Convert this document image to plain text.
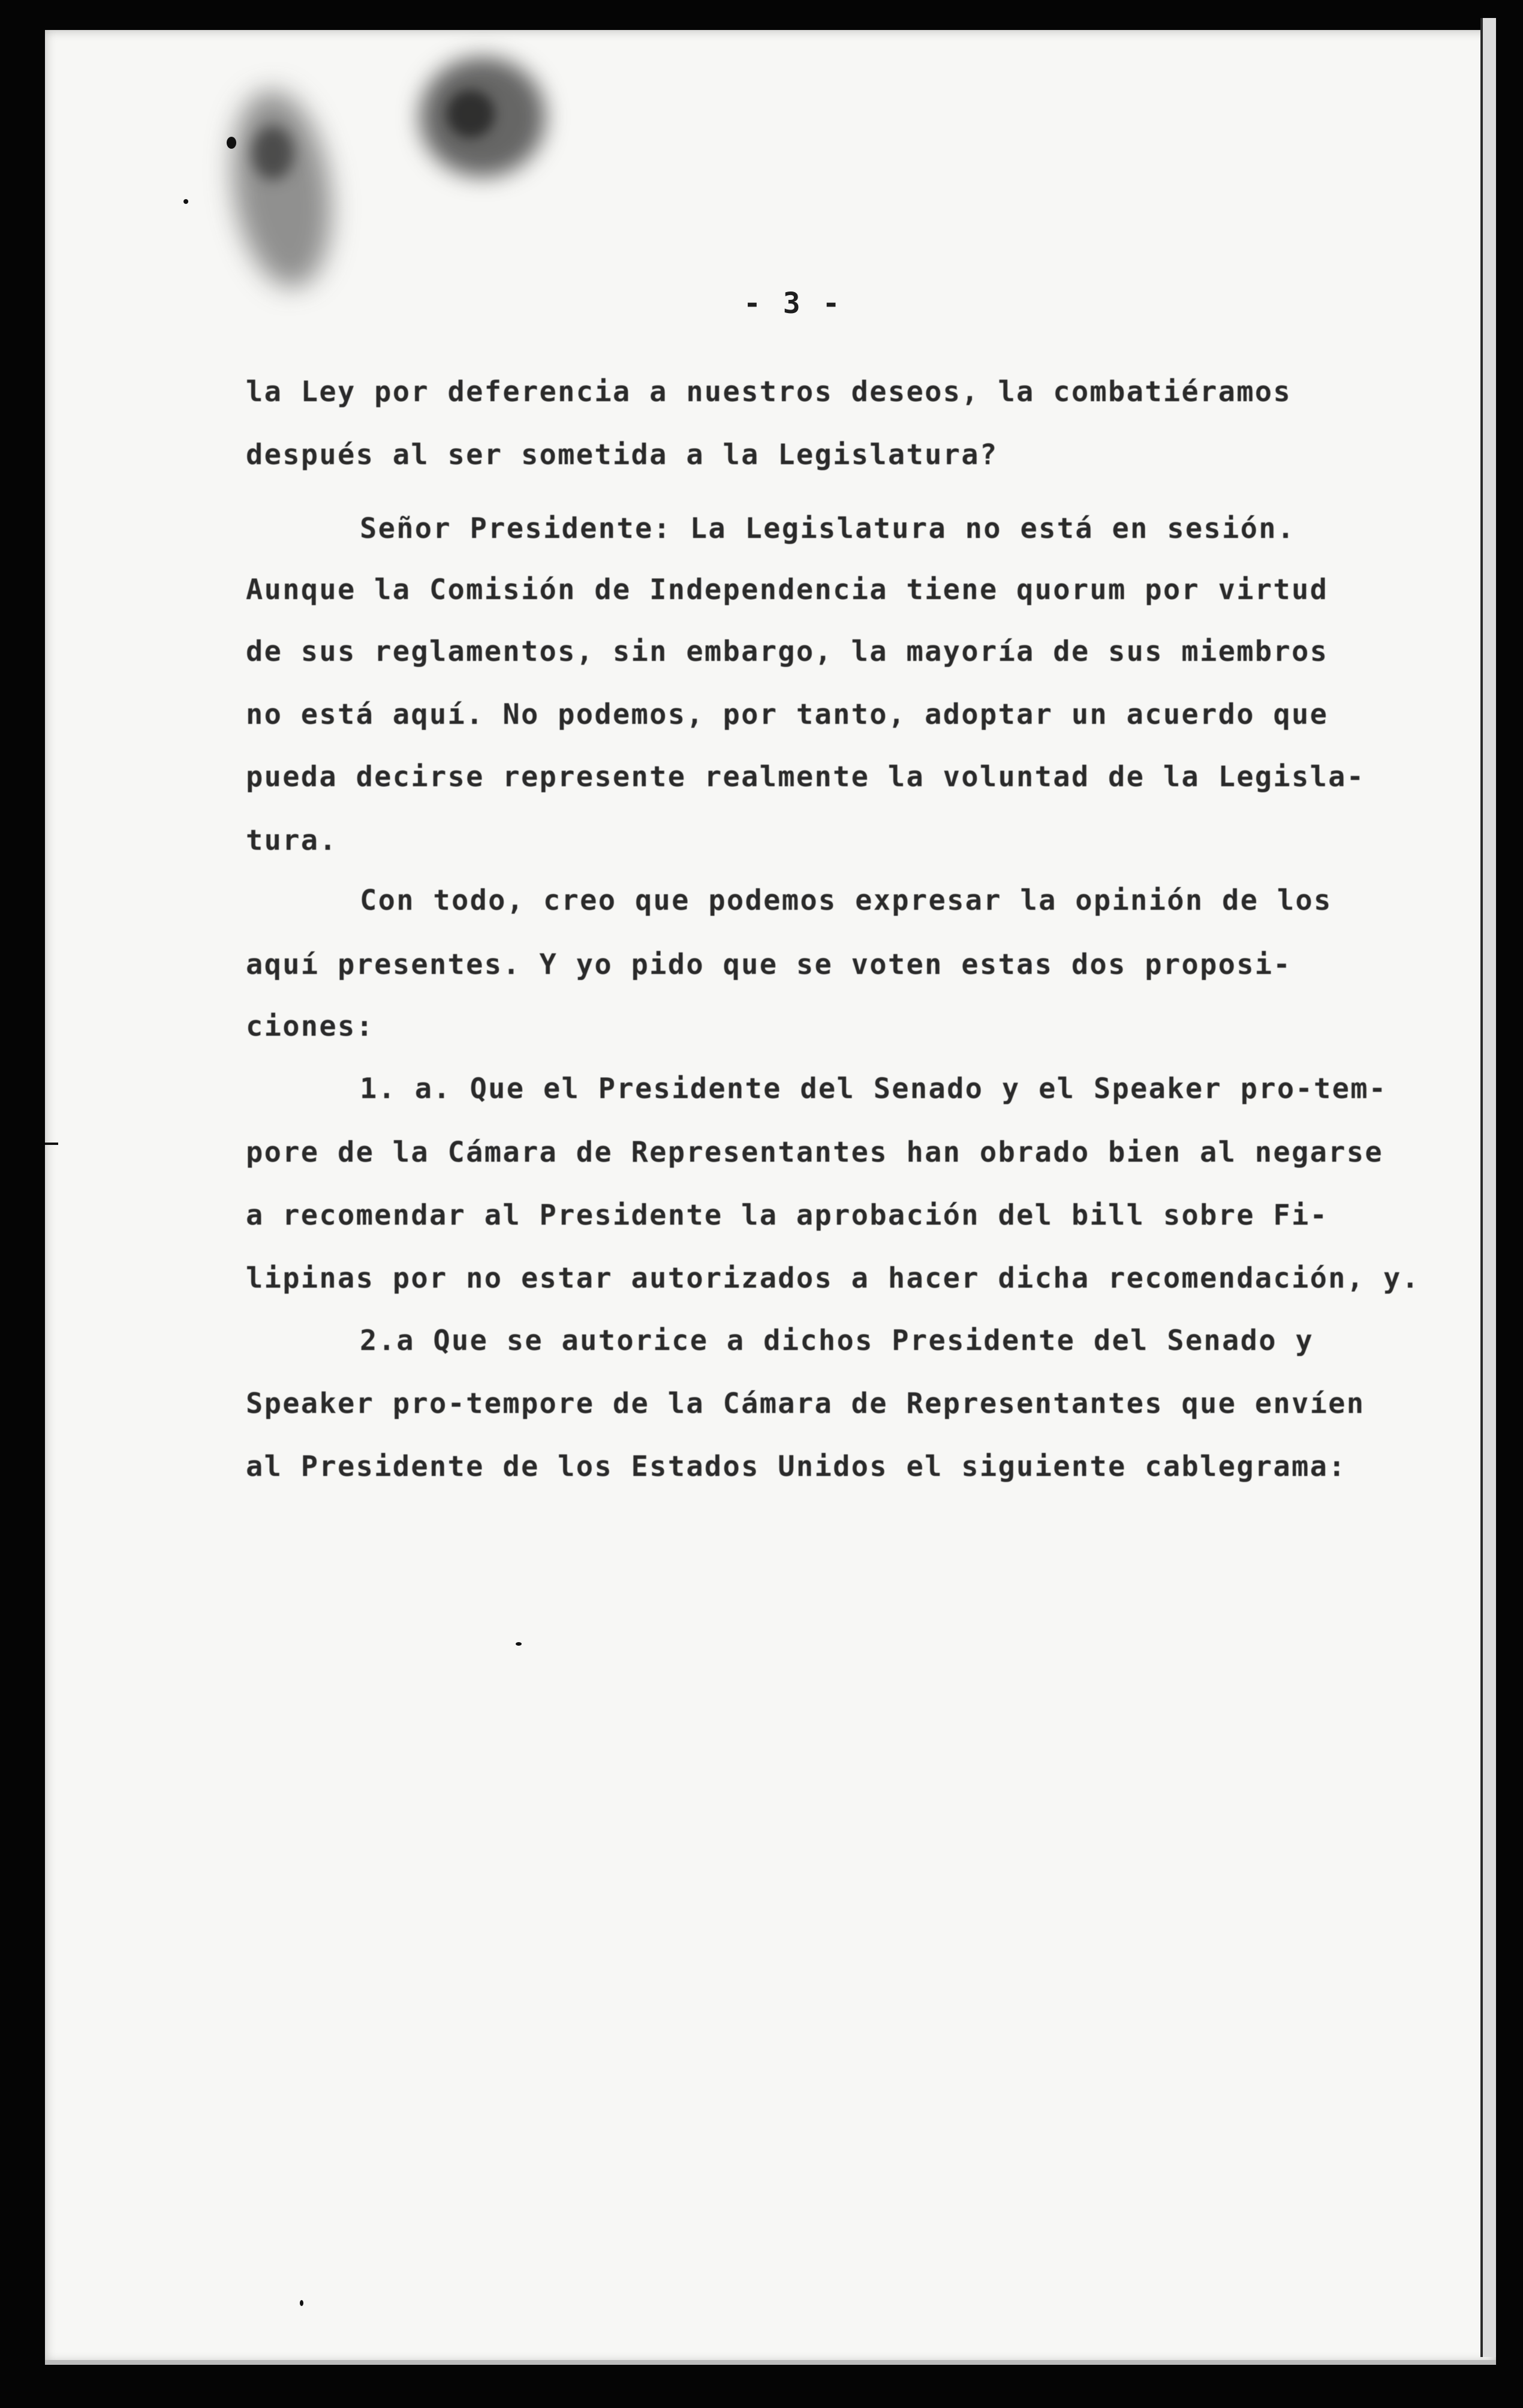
- 3 -
la Ley por deferencia a nuestros deseos, la combatiéramos
después al ser sometida a la Legislatura?
Señor Presidente: La Legislatura no está en sesión.
Aunque la Comisión de Independencia tiene quorum por virtud
de sus reglamentos, sin embargo, la mayoría de sus miembros
no está aquí. No podemos, por tanto, adoptar un acuerdo que
pueda decirse represente realmente la voluntad de la Legisla-
tura.
Con todo, creo que podemos expresar la opinión de los
aquí presentes. Y yo pido que se voten estas dos proposi-
ciones:
1. a. Que el Presidente del Senado y el Speaker pro-tem-
pore de la Cámara de Representantes han obrado bien al negarse
a recomendar al Presidente la aprobación del bill sobre Fi-
lipinas por no estar autorizados a hacer dicha recomendación, y.
2.a Que se autorice a dichos Presidente del Senado y
Speaker pro-tempore de la Cámara de Representantes que envíen
al Presidente de los Estados Unidos el siguiente cablegrama:
